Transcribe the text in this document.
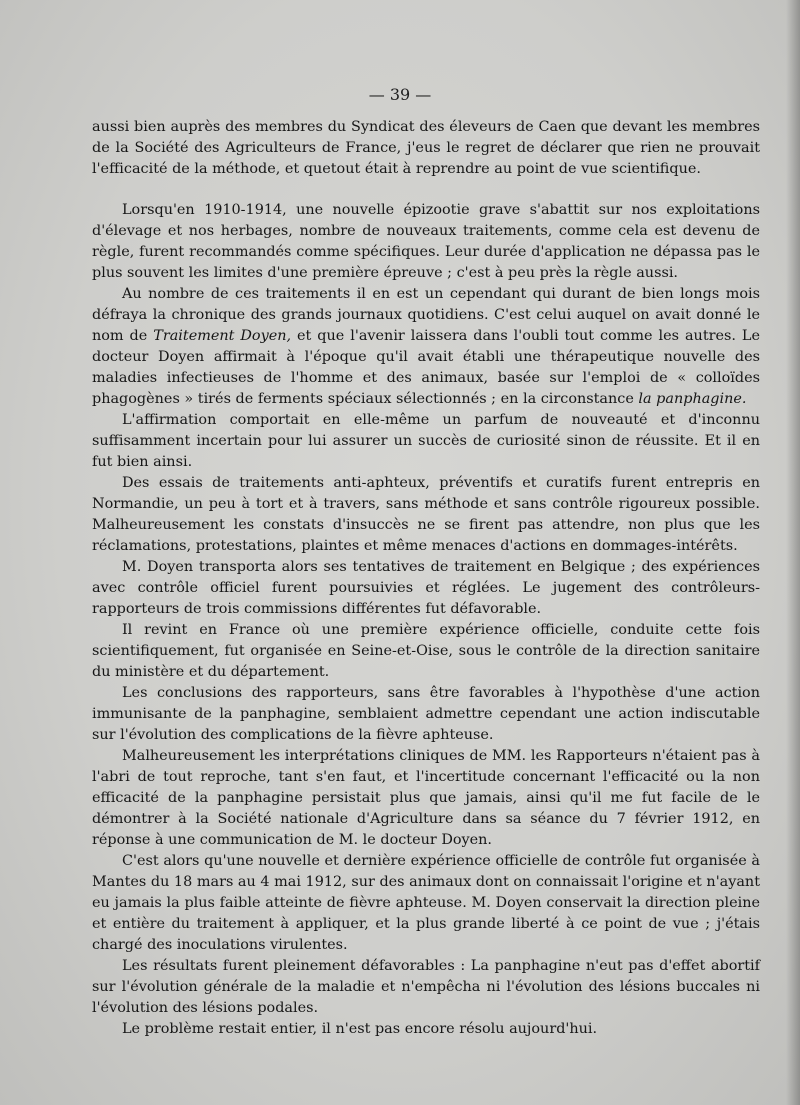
— 39 —

aussi bien auprès des membres du Syndicat des éleveurs de Caen que devant les membres de la Société des Agriculteurs de France, j'eus le regret de déclarer que rien ne prouvait l'efficacité de la méthode, et quetout était à reprendre au point de vue scientifique.

Lorsqu'en 1910-1914, une nouvelle épizootie grave s'abattit sur nos exploitations d'élevage et nos herbages, nombre de nouveaux traitements, comme cela est devenu de règle, furent recommandés comme spécifiques. Leur durée d'application ne dépassa pas le plus souvent les limites d'une première épreuve ; c'est à peu près la règle aussi.

Au nombre de ces traitements il en est un cependant qui durant de bien longs mois défraya la chronique des grands journaux quotidiens. C'est celui auquel on avait donné le nom de Traitement Doyen, et que l'avenir laissera dans l'oubli tout comme les autres. Le docteur Doyen affirmait à l'époque qu'il avait établi une thérapeutique nouvelle des maladies infectieuses de l'homme et des animaux, basée sur l'emploi de « colloïdes phagogènes » tirés de ferments spéciaux sélectionnés ; en la circonstance la panphagine.

L'affirmation comportait en elle-même un parfum de nouveauté et d'inconnu suffisamment incertain pour lui assurer un succès de curiosité sinon de réussite. Et il en fut bien ainsi.

Des essais de traitements anti-aphteux, préventifs et curatifs furent entrepris en Normandie, un peu à tort et à travers, sans méthode et sans contrôle rigoureux possible. Malheureusement les constats d'insuccès ne se firent pas attendre, non plus que les réclamations, protestations, plaintes et même menaces d'actions en dommages-intérêts.

M. Doyen transporta alors ses tentatives de traitement en Belgique ; des expériences avec contrôle officiel furent poursuivies et réglées. Le jugement des contrôleurs-rapporteurs de trois commissions différentes fut défavorable.

Il revint en France où une première expérience officielle, conduite cette fois scientifiquement, fut organisée en Seine-et-Oise, sous le contrôle de la direction sanitaire du ministère et du département.

Les conclusions des rapporteurs, sans être favorables à l'hypothèse d'une action immunisante de la panphagine, semblaient admettre cependant une action indiscutable sur l'évolution des complications de la fièvre aphteuse.

Malheureusement les interprétations cliniques de MM. les Rapporteurs n'étaient pas à l'abri de tout reproche, tant s'en faut, et l'incertitude concernant l'efficacité ou la non efficacité de la panphagine persistait plus que jamais, ainsi qu'il me fut facile de le démontrer à la Société nationale d'Agriculture dans sa séance du 7 février 1912, en réponse à une communication de M. le docteur Doyen.

C'est alors qu'une nouvelle et dernière expérience officielle de contrôle fut organisée à Mantes du 18 mars au 4 mai 1912, sur des animaux dont on connaissait l'origine et n'ayant eu jamais la plus faible atteinte de fièvre aphteuse. M. Doyen conservait la direction pleine et entière du traitement à appliquer, et la plus grande liberté à ce point de vue ; j'étais chargé des inoculations virulentes.

Les résultats furent pleinement défavorables : La panphagine n'eut pas d'effet abortif sur l'évolution générale de la maladie et n'empêcha ni l'évolution des lésions buccales ni l'évolution des lésions podales.

Le problème restait entier, il n'est pas encore résolu aujourd'hui.
